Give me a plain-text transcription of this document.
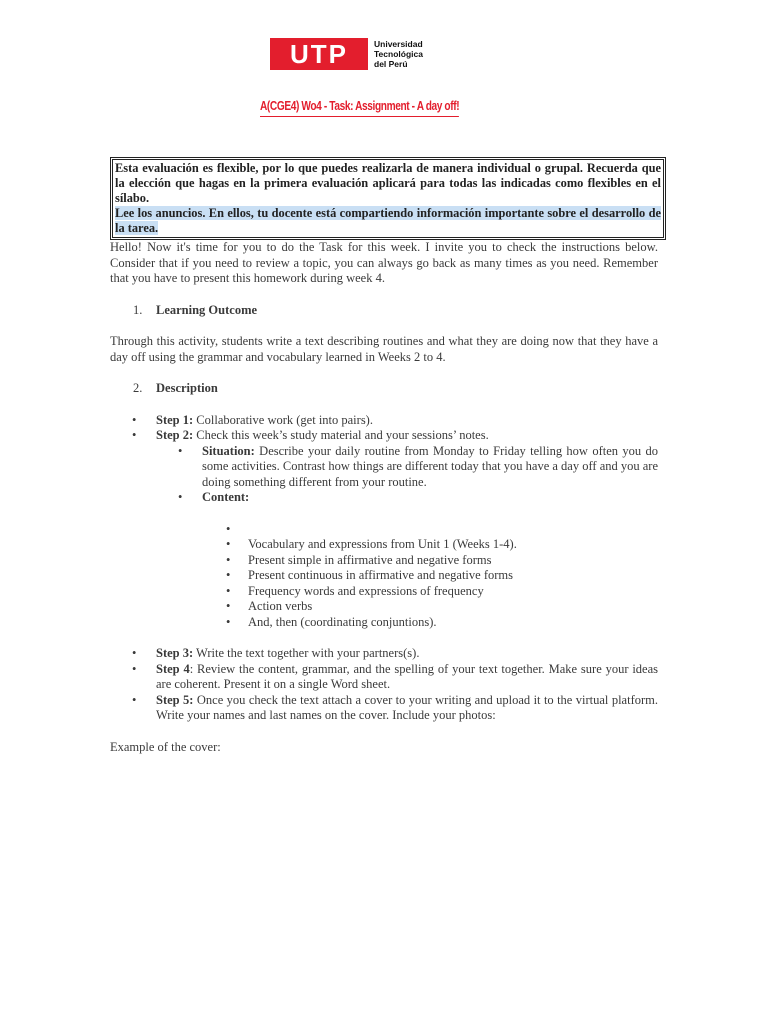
UTP	Universidad
Tecnológica
del Perú
A(CGE4) Wo4 - Task: Assignment - A day off!
Esta evaluación es flexible, por lo que puedes realizarla de manera individual o grupal. Recuerda que la elección que hagas en la primera evaluación aplicará para todas las indicadas como flexibles en el sílabo.
Lee los anuncios. En ellos, tu docente está compartiendo información importante sobre el desarrollo de la tarea.

Hello! Now it's time for you to do the Task for this week. I invite you to check the instructions below. Consider that if you need to review a topic, you can always go back as many times as you need. Remember that you have to present this homework during week 4.

1. Learning Outcome

Through this activity, students write a text describing routines and what they are doing now that they have a day off using the grammar and vocabulary learned in Weeks 2 to 4.

2. Description
• Step 1: Collaborative work (get into pairs).
• Step 2: Check this week’s study material and your sessions’ notes.
• Situation: Describe your daily routine from Monday to Friday telling how often you do some activities. Contrast how things are different today that you have a day off and you are doing something different from your routine.
• Content:
•
• Vocabulary and expressions from Unit 1 (Weeks 1-4).
• Present simple in affirmative and negative forms
• Present continuous in affirmative and negative forms
• Frequency words and expressions of frequency
• Action verbs
• And, then (coordinating conjuntions).
• Step 3: Write the text together with your partners(s).
• Step 4: Review the content, grammar, and the spelling of your text together. Make sure your ideas are coherent. Present it on a single Word sheet.
• Step 5: Once you check the text attach a cover to your writing and upload it to the virtual platform. Write your names and last names on the cover. Include your photos:

Example of the cover:
